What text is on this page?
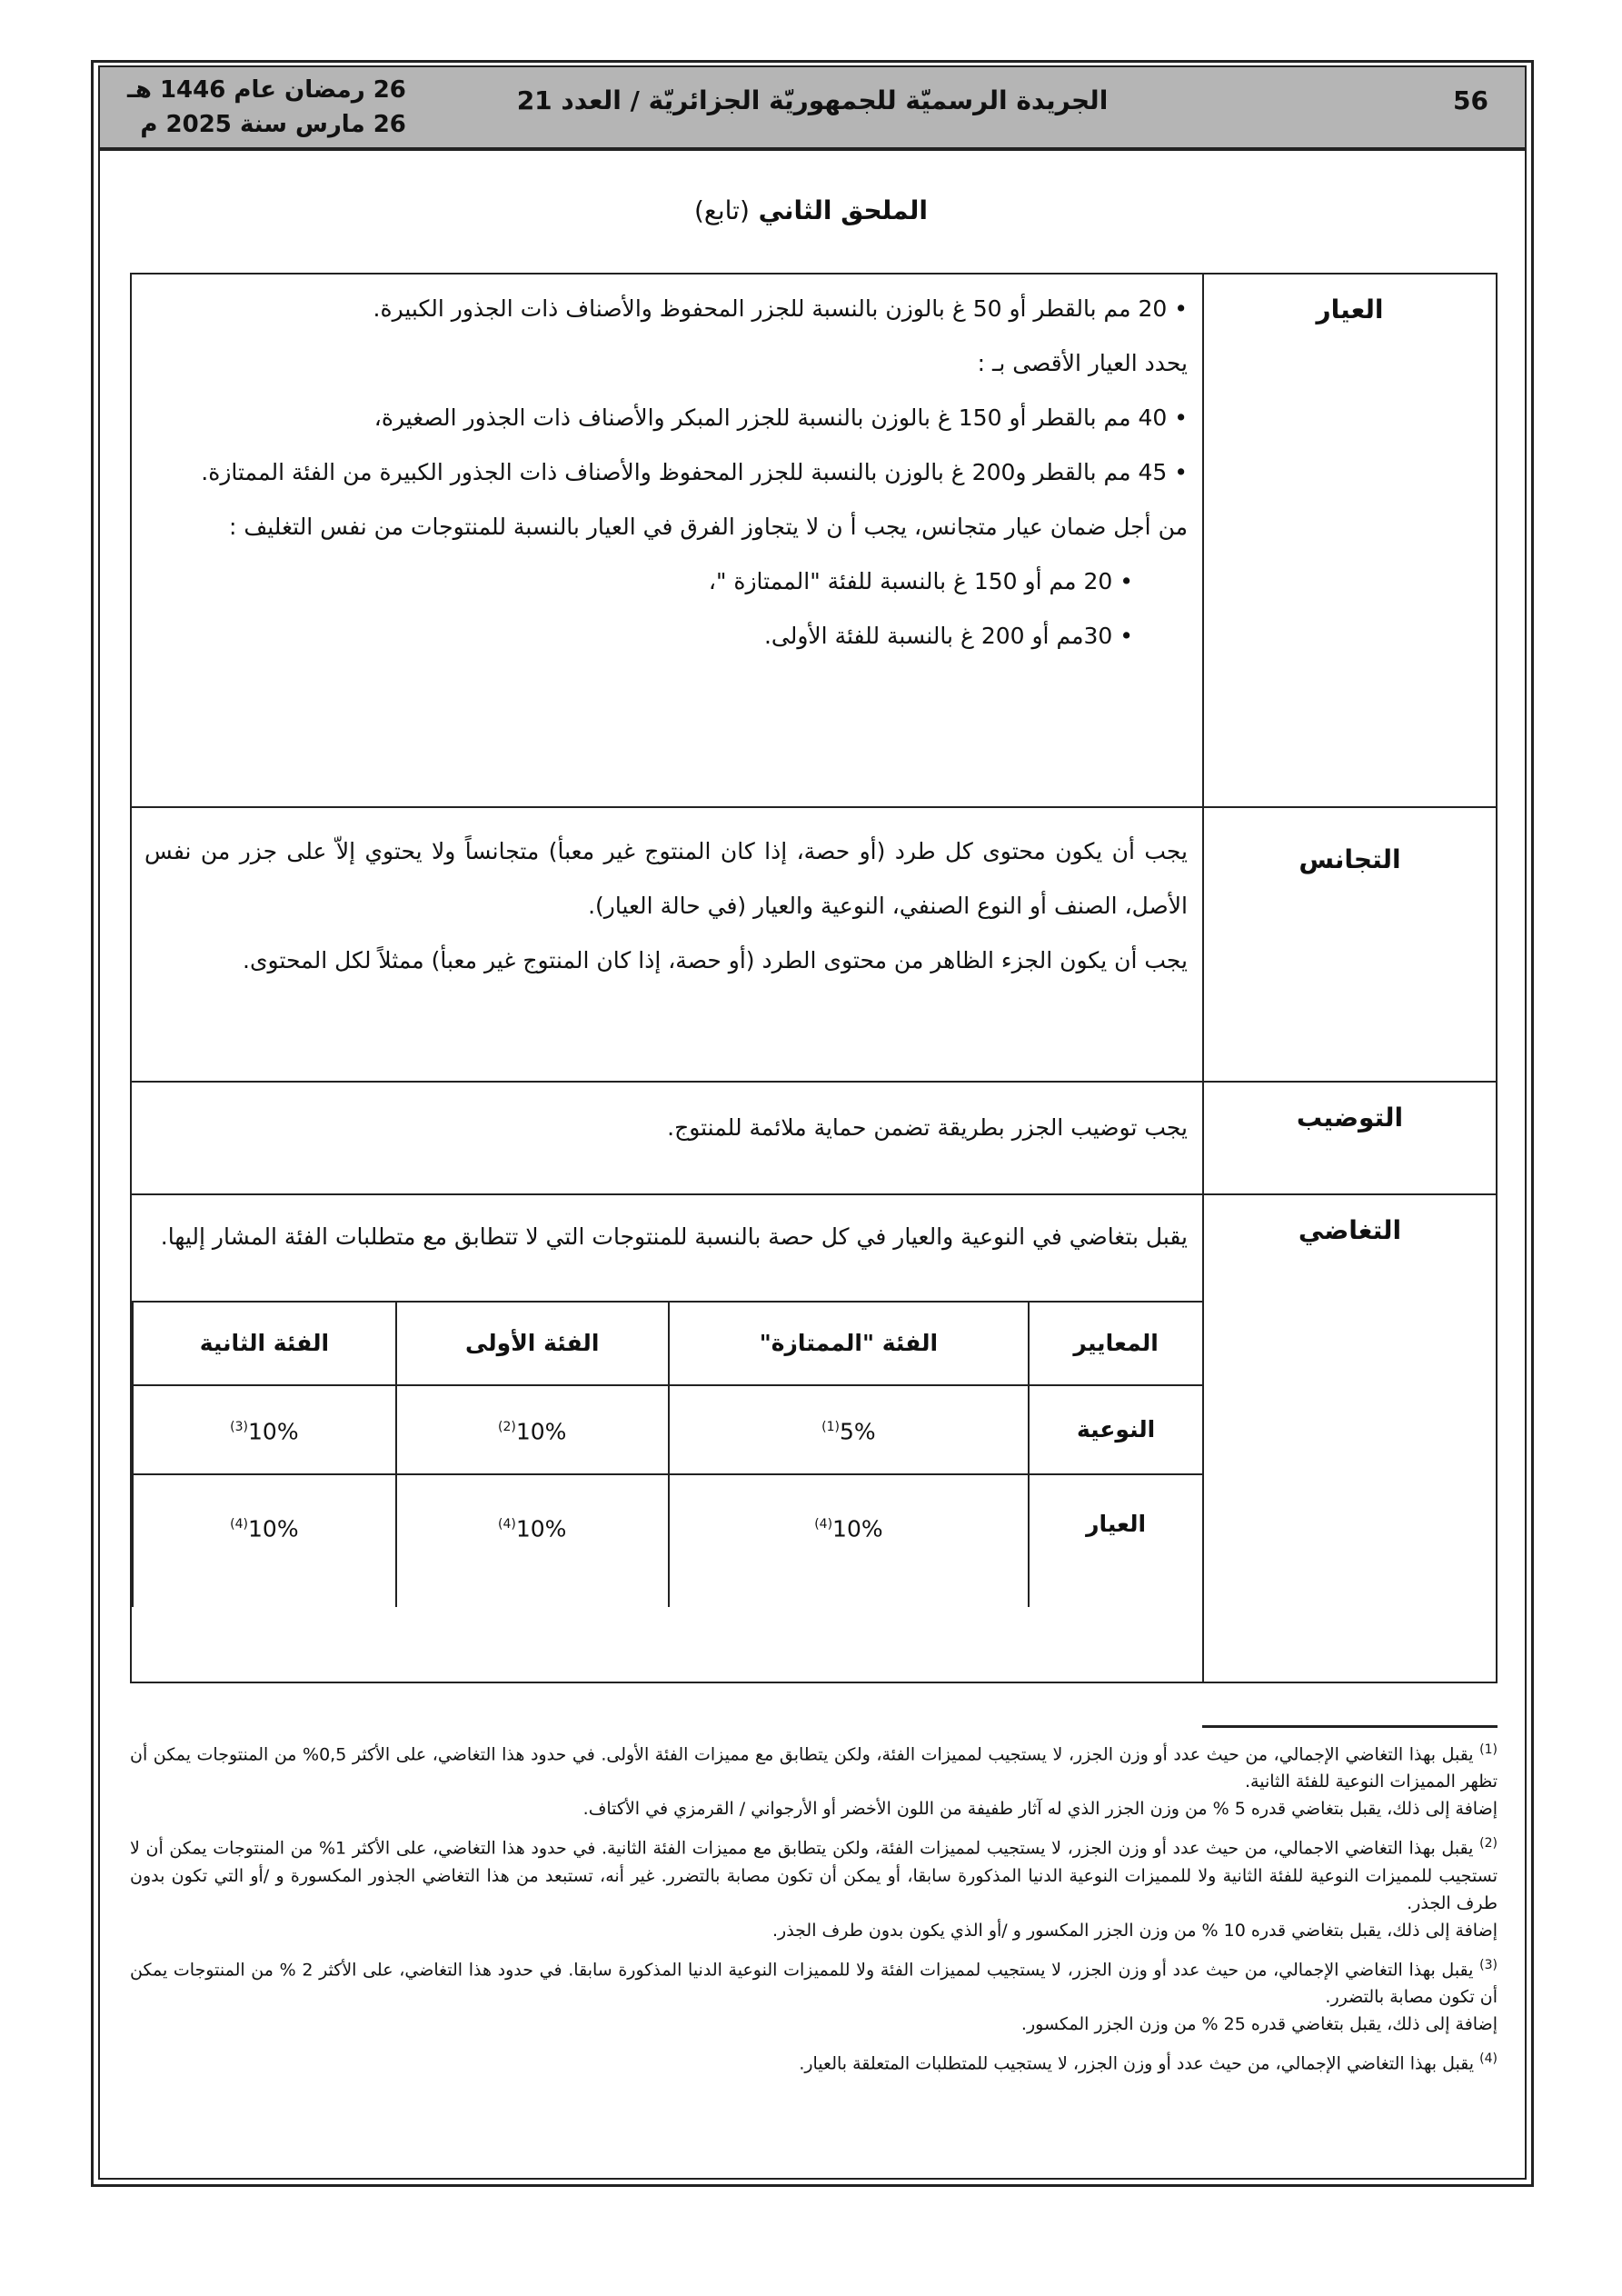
56
الجريدة الرسميّة للجمهوريّة الجزائريّة / العدد 21
26 رمضان عام 1446 هـ
26 مارس سنة 2025 م
الملحق الثاني (تابع)
العيار

• 20 مم بالقطر أو 50 غ بالوزن بالنسبة للجزر المحفوظ والأصناف ذات الجذور الكبيرة.

يحدد العيار الأقصى بـ :

• 40 مم بالقطر أو 150 غ بالوزن بالنسبة للجزر المبكر والأصناف ذات الجذور الصغيرة،

• 45 مم بالقطر و200 غ بالوزن بالنسبة للجزر المحفوظ والأصناف ذات الجذور الكبيرة من الفئة الممتازة.

من أجل ضمان عيار متجانس، يجب أ ن لا يتجاوز الفرق في العيار بالنسبة للمنتوجات من نفس التغليف :

• 20 مم أو 150 غ بالنسبة للفئة "الممتازة "،

• 30مم أو 200 غ بالنسبة للفئة الأولى.

التجانس

يجب أن يكون محتوى كل طرد (أو حصة، إذا كان المنتوج غير معبأ) متجانساً ولا يحتوي إلاّ على جزر من نفس الأصل، الصنف أو النوع الصنفي، النوعية والعيار (في حالة العيار).

يجب أن يكون الجزء الظاهر من محتوى الطرد (أو حصة، إذا كان المنتوج غير معبأ) ممثلاً لكل المحتوى.

التوضيب
يجب توضيب الجزر بطريقة تضمن حماية ملائمة للمنتوج.
التغاضي

يقبل بتغاضي في النوعية والعيار في كل حصة بالنسبة للمنتوجات التي لا تتطابق مع متطلبات الفئة المشار إليها.

المعايير	الفئة "الممتازة"	الفئة الأولى	الفئة الثانية
النوعية	5%$^{(1)}$	10%$^{(2)}$	10%$^{(3)}$
العيار	10%$^{(4)}$	10%$^{(4)}$	10%$^{(4)}$

$^{(1)}$ يقبل بهذا التغاضي الإجمالي، من حيث عدد أو وزن الجزر، لا يستجيب لمميزات الفئة، ولكن يتطابق مع مميزات الفئة الأولى. في حدود هذا التغاضي، على الأكثر 0,5% من المنتوجات يمكن أن تظهر المميزات النوعية للفئة الثانية.
إضافة إلى ذلك، يقبل بتغاضي قدره 5 % من وزن الجزر الذي له آثار طفيفة من اللون الأخضر أو الأرجواني / القرمزي في الأكتاف.

$^{(2)}$ يقبل بهذا التغاضي الاجمالي، من حيث عدد أو وزن الجزر، لا يستجيب لمميزات الفئة، ولكن يتطابق مع مميزات الفئة الثانية. في حدود هذا التغاضي، على الأكثر 1% من المنتوجات يمكن أن لا تستجيب للمميزات النوعية للفئة الثانية ولا للمميزات النوعية الدنيا المذكورة سابقا، أو يمكن أن تكون مصابة بالتضرر. غير أنه، تستبعد من هذا التغاضي الجذور المكسورة و /أو التي تكون بدون طرف الجذر.
إضافة إلى ذلك، يقبل بتغاضي قدره 10 % من وزن الجزر المكسور و /أو الذي يكون بدون طرف الجذر.

$^{(3)}$ يقبل بهذا التغاضي الإجمالي، من حيث عدد أو وزن الجزر، لا يستجيب لمميزات الفئة ولا للمميزات النوعية الدنيا المذكورة سابقا. في حدود هذا التغاضي، على الأكثر 2 % من المنتوجات يمكن أن تكون مصابة بالتضرر.
إضافة إلى ذلك، يقبل بتغاضي قدره 25 % من وزن الجزر المكسور.

$^{(4)}$ يقبل بهذا التغاضي الإجمالي، من حيث عدد أو وزن الجزر، لا يستجيب للمتطلبات المتعلقة بالعيار.
